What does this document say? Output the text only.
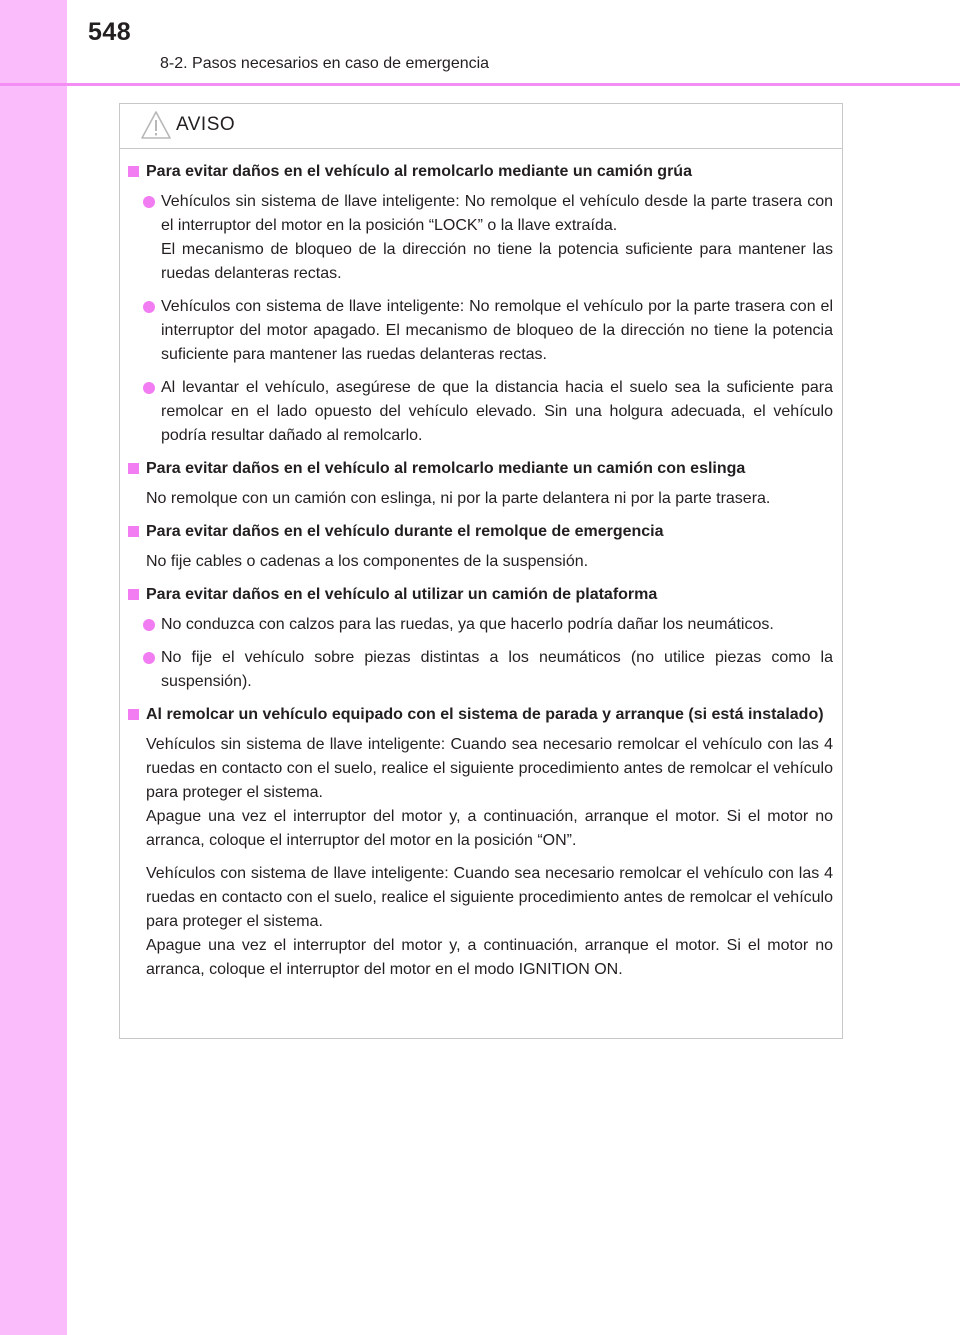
548
8-2. Pasos necesarios en caso de emergencia
AVISO
Para evitar daños en el vehículo al remolcarlo mediante un camión grúa
Vehículos sin sistema de llave inteligente: No remolque el vehículo desde la parte trasera con el interruptor del motor en la posición “LOCK” o la llave extraída.
El mecanismo de bloqueo de la dirección no tiene la potencia suficiente para mantener las ruedas delanteras rectas.
Vehículos con sistema de llave inteligente: No remolque el vehículo por la parte trasera con el interruptor del motor apagado. El mecanismo de bloqueo de la dirección no tiene la potencia suficiente para mantener las ruedas delanteras rectas.
Al levantar el vehículo, asegúrese de que la distancia hacia el suelo sea la suficiente para remolcar en el lado opuesto del vehículo elevado. Sin una holgura adecuada, el vehículo podría resultar dañado al remolcarlo.
Para evitar daños en el vehículo al remolcarlo mediante un camión con eslinga
No remolque con un camión con eslinga, ni por la parte delantera ni por la parte trasera.
Para evitar daños en el vehículo durante el remolque de emergencia
No fije cables o cadenas a los componentes de la suspensión.
Para evitar daños en el vehículo al utilizar un camión de plataforma
No conduzca con calzos para las ruedas, ya que hacerlo podría dañar los neumáticos.
No fije el vehículo sobre piezas distintas a los neumáticos (no utilice piezas como la suspensión).
Al remolcar un vehículo equipado con el sistema de parada y arranque (si está instalado)
Vehículos sin sistema de llave inteligente: Cuando sea necesario remolcar el vehículo con las 4 ruedas en contacto con el suelo, realice el siguiente procedimiento antes de remolcar el vehículo para proteger el sistema.
Apague una vez el interruptor del motor y, a continuación, arranque el motor. Si el motor no arranca, coloque el interruptor del motor en la posición “ON”.
Vehículos con sistema de llave inteligente: Cuando sea necesario remolcar el vehículo con las 4 ruedas en contacto con el suelo, realice el siguiente procedimiento antes de remolcar el vehículo para proteger el sistema.
Apague una vez el interruptor del motor y, a continuación, arranque el motor. Si el motor no arranca, coloque el interruptor del motor en el modo IGNITION ON.
